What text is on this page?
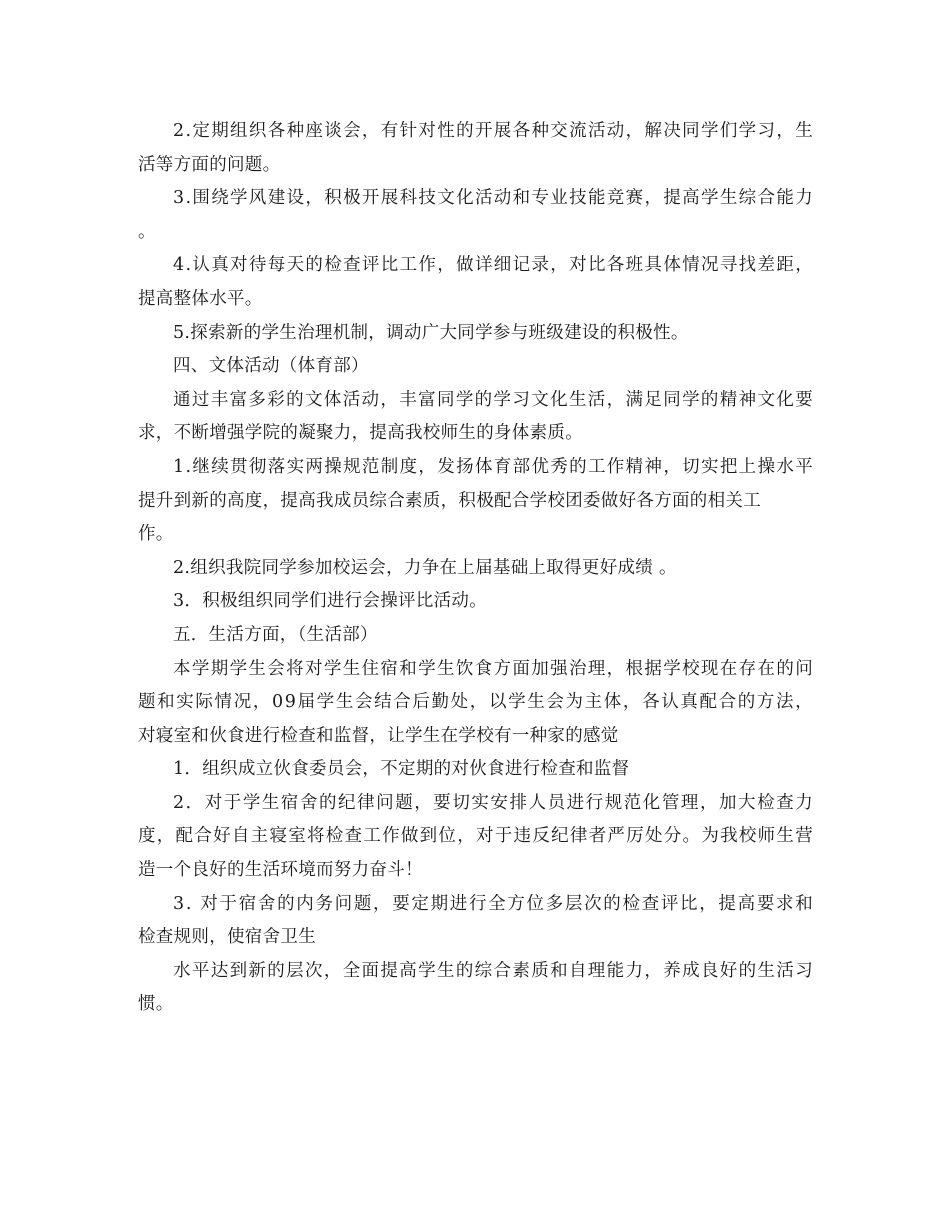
2.定期组织各种座谈会，有针对性的开展各种交流活动，解决同学们学习，生
活等方面的问题。

3.围绕学风建设，积极开展科技文化活动和专业技能竞赛，提高学生综合能力
。

4.认真对待每天的检查评比工作，做详细记录，对比各班具体情况寻找差距，
提高整体水平。

5.探索新的学生治理机制，调动广大同学参与班级建设的积极性。

四、文体活动（体育部）

通过丰富多彩的文体活动，丰富同学的学习文化生活，满足同学的精神文化要
求，不断增强学院的凝聚力，提高我校师生的身体素质。

1.继续贯彻落实两操规范制度，发扬体育部优秀的工作精神，切实把上操水平
提升到新的高度，提高我成员综合素质，积极配合学校团委做好各方面的相关工
作。

2.组织我院同学参加校运会，力争在上届基础上取得更好成绩 。

3．积极组织同学们进行会操评比活动。

五．生活方面，（生活部）

本学期学生会将对学生住宿和学生饮食方面加强治理，根据学校现在存在的问
题和实际情况，09届学生会结合后勤处，以学生会为主体，各认真配合的方法，
对寝室和伙食进行检查和监督，让学生在学校有一种家的感觉

1．组织成立伙食委员会，不定期的对伙食进行检查和监督

2．对于学生宿舍的纪律问题，要切实安排人员进行规范化管理，加大检查力
度，配合好自主寝室将检查工作做到位，对于违反纪律者严厉处分。为我校师生营
造一个良好的生活环境而努力奋斗！

3. 对于宿舍的内务问题，要定期进行全方位多层次的检查评比，提高要求和
检查规则，使宿舍卫生

水平达到新的层次，全面提高学生的综合素质和自理能力，养成良好的生活习
惯。
